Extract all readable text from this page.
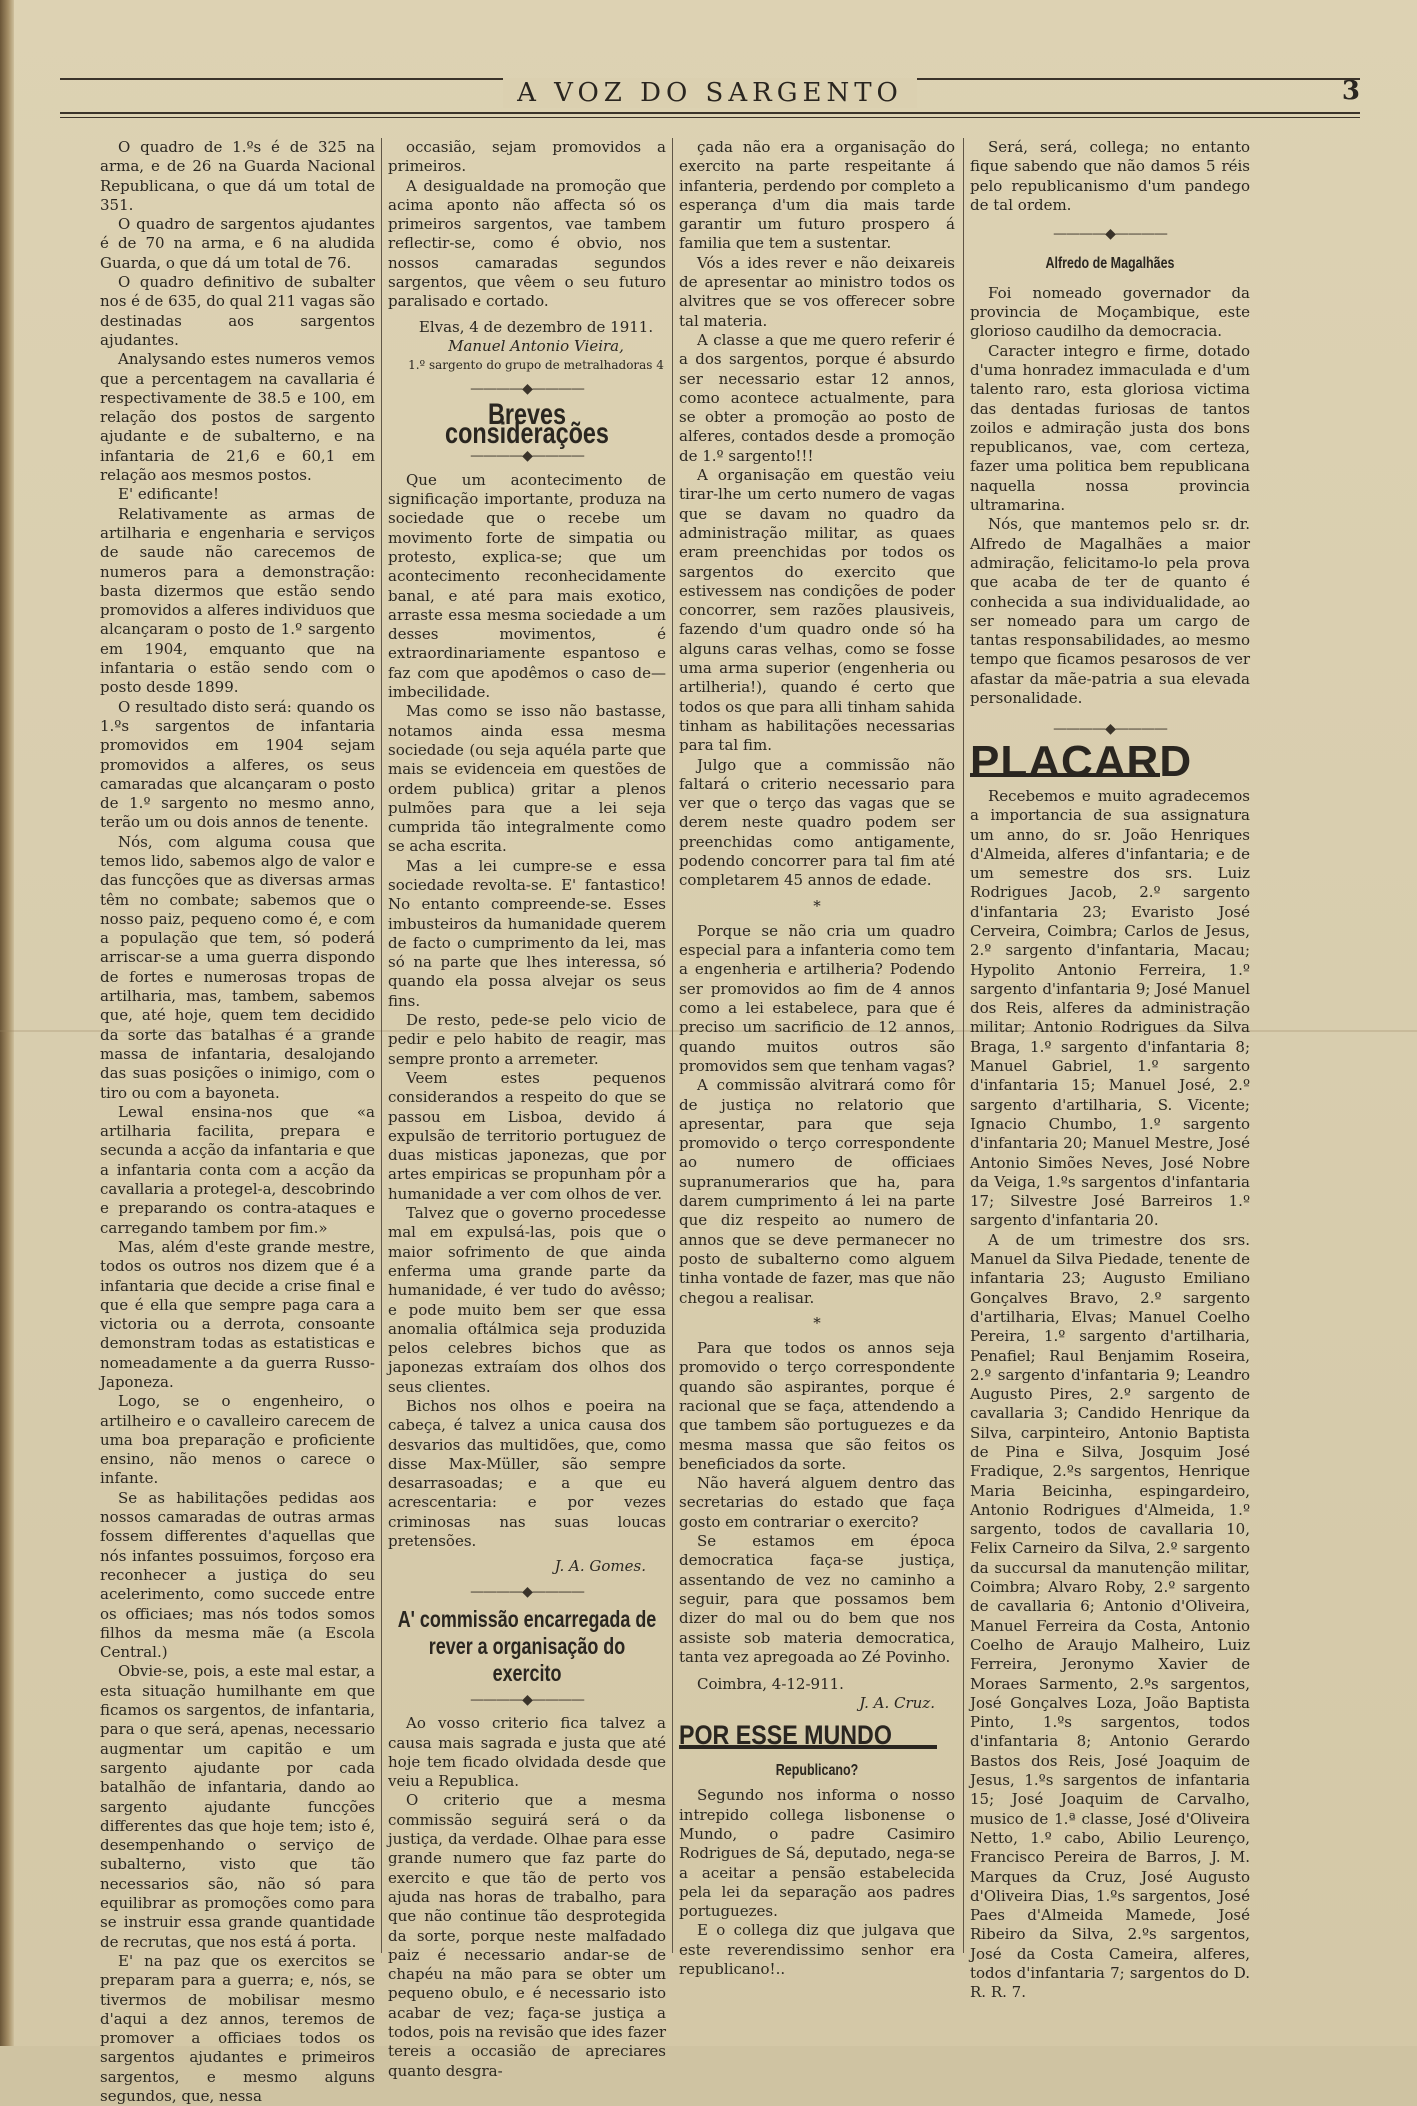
A VOZ DO SARGENTO	3

O quadro de 1.ºs é de 325 na arma, e de 26 na Guarda Nacional Republicana, o que dá um total de 351.

O quadro de sargentos ajudantes é de 70 na arma, e 6 na aludida Guarda, o que dá um total de 76.

O quadro definitivo de subalter nos é de 635, do qual 211 vagas são destinadas aos sargentos ajudantes.

Analysando estes numeros vemos que a percentagem na cavallaria é respectivamente de 38.5 e 100, em relação dos postos de sargento ajudante e de subalterno, e na infantaria de 21,6 e 60,1 em relação aos mesmos postos.

E' edificante!

Relativamente as armas de artilharia e engenharia e serviços de saude não carecemos de numeros para a demonstração: basta dizermos que estão sendo promovidos a alferes individuos que alcançaram o posto de 1.º sargento em 1904, emquanto que na infantaria o estão sendo com o posto desde 1899.

O resultado disto será: quando os 1.ºs sargentos de infantaria promovidos em 1904 sejam promovidos a alferes, os seus camaradas que alcançaram o posto de 1.º sargento no mesmo anno, terão um ou dois annos de tenente.

Nós, com alguma cousa que temos lido, sabemos algo de valor e das funcções que as diversas armas têm no combate; sabemos que o nosso paiz, pequeno como é, e com a população que tem, só poderá arriscar-se a uma guerra dispondo de fortes e numerosas tropas de artilharia, mas, tambem, sabemos que, até hoje, quem tem decidido da sorte das batalhas é a grande massa de infantaria, desalojando das suas posições o inimigo, com o tiro ou com a bayoneta.

Lewal ensina-nos que «a artilharia facilita, prepara e secunda a acção da infantaria e que a infantaria conta com a acção da cavallaria a protegel-a, descobrindo e preparando os contra-ataques e carregando tambem por fim.»

Mas, além d'este grande mestre, todos os outros nos dizem que é a infantaria que decide a crise final e que é ella que sempre paga cara a victoria ou a derrota, consoante demonstram todas as estatisticas e nomeadamente a da guerra Russo-Japoneza.

Logo, se o engenheiro, o artilheiro e o cavalleiro carecem de uma boa preparação e proficiente ensino, não menos o carece o infante.

Se as habilitações pedidas aos nossos camaradas de outras armas fossem differentes d'aquellas que nós infantes possuimos, forçoso era reconhecer a justiça do seu acelerimento, como succede entre os officiaes; mas nós todos somos filhos da mesma mãe (a Escola Central.)

Obvie-se, pois, a este mal estar, a esta situação humilhante em que ficamos os sargentos, de infantaria, para o que será, apenas, necessario augmentar um capitão e um sargento ajudante por cada batalhão de infantaria, dando ao sargento ajudante funcções differentes das que hoje tem; isto é, desempenhando o serviço de subalterno, visto que tão necessarios são, não só para equilibrar as promoções como para se instruir essa grande quantidade de recrutas, que nos está á porta.

E' na paz que os exercitos se preparam para a guerra; e, nós, se tivermos de mobilisar mesmo d'aqui a dez annos, teremos de promover a officiaes todos os sargentos ajudantes e primeiros sargentos, e mesmo alguns segundos, que, nessa

occasião, sejam promovidos a primeiros.

A desigualdade na promoção que acima aponto não affecta só os primeiros sargentos, vae tambem reflectir-se, como é obvio, nos nossos camaradas segundos sargentos, que vêem o seu futuro paralisado e cortado.

Elvas, 4 de dezembro de 1911.

Manuel Antonio Vieira,

1.º sargento do grupo de metralhadoras 4

————◆————
Breves considerações
————◆————

Que um acontecimento de significação importante, produza na sociedade que o recebe um movimento forte de simpatia ou protesto, explica-se; que um acontecimento reconhecidamente banal, e até para mais exotico, arraste essa mesma sociedade a um desses movimentos, é extraordinariamente espantoso e faz com que apodêmos o caso de—imbecilidade.

Mas como se isso não bastasse, notamos ainda essa mesma sociedade (ou seja aquéla parte que mais se evidenceia em questões de ordem publica) gritar a plenos pulmões para que a lei seja cumprida tão integralmente como se acha escrita.

Mas a lei cumpre-se e essa sociedade revolta-se. E' fantastico! No entanto compreende-se. Esses imbusteiros da humanidade querem de facto o cumprimento da lei, mas só na parte que lhes interessa, só quando ela possa alvejar os seus fins.

De resto, pede-se pelo vicio de pedir e pelo habito de reagir, mas sempre pronto a arremeter.

Veem estes pequenos considerandos a respeito do que se passou em Lisboa, devido á expulsão de territorio portuguez de duas misticas japonezas, que por artes empiricas se propunham pôr a humanidade a ver com olhos de ver.

Talvez que o governo procedesse mal em expulsá-las, pois que o maior sofrimento de que ainda enferma uma grande parte da humanidade, é ver tudo do avêsso; e pode muito bem ser que essa anomalia oftálmica seja produzida pelos celebres bichos que as japonezas extraíam dos olhos dos seus clientes.

Bichos nos olhos e poeira na cabeça, é talvez a unica causa dos desvarios das multidões, que, como disse Max-Müller, são sempre desarrasoadas; e a que eu acrescentaria: e por vezes criminosas nas suas loucas pretensões.

J. A. Gomes.

————◆————
A' commissão encarregada de rever a organisação do exercito
————◆————

Ao vosso criterio fica talvez a causa mais sagrada e justa que até hoje tem ficado olvidada desde que veiu a Republica.

O criterio que a mesma commissão seguirá será o da justiça, da verdade. Olhae para esse grande numero que faz parte do exercito e que tão de perto vos ajuda nas horas de trabalho, para que não continue tão desprotegida da sorte, porque neste malfadado paiz é necessario andar-se de chapéu na mão para se obter um pequeno obulo, e é necessario isto acabar de vez; faça-se justiça a todos, pois na revisão que ides fazer tereis a occasião de apreciares quanto desgra-

çada não era a organisação do exercito na parte respeitante á infanteria, perdendo por completo a esperança d'um dia mais tarde garantir um futuro prospero á familia que tem a sustentar.

Vós a ides rever e não deixareis de apresentar ao ministro todos os alvitres que se vos offerecer sobre tal materia.

A classe a que me quero referir é a dos sargentos, porque é absurdo ser necessario estar 12 annos, como acontece actualmente, para se obter a promoção ao posto de alferes, contados desde a promoção de 1.º sargento!!!

A organisação em questão veiu tirar-lhe um certo numero de vagas que se davam no quadro da administração militar, as quaes eram preenchidas por todos os sargentos do exercito que estivessem nas condições de poder concorrer, sem razões plausiveis, fazendo d'um quadro onde só ha alguns caras velhas, como se fosse uma arma superior (engenheria ou artilheria!), quando é certo que todos os que para alli tinham sahida tinham as habilitações necessarias para tal fim.

Julgo que a commissão não faltará o criterio necessario para ver que o terço das vagas que se derem neste quadro podem ser preenchidas como antigamente, podendo concorrer para tal fim até completarem 45 annos de edade.

*

Porque se não cria um quadro especial para a infanteria como tem a engenheria e artilheria? Podendo ser promovidos ao fim de 4 annos como a lei estabelece, para que é preciso um sacrificio de 12 annos, quando muitos outros são promovidos sem que tenham vagas?

A commissão alvitrará como fôr de justiça no relatorio que apresentar, para que seja promovido o terço correspondente ao numero de officiaes supranumerarios que ha, para darem cumprimento á lei na parte que diz respeito ao numero de annos que se deve permanecer no posto de subalterno como alguem tinha vontade de fazer, mas que não chegou a realisar.

*

Para que todos os annos seja promovido o terço correspondente quando são aspirantes, porque é racional que se faça, attendendo a que tambem são portuguezes e da mesma massa que são feitos os beneficiados da sorte.

Não haverá alguem dentro das secretarias do estado que faça gosto em contrariar o exercito?

Se estamos em época democratica faça-se justiça, assentando de vez no caminho a seguir, para que possamos bem dizer do mal ou do bem que nos assiste sob materia democratica, tanta vez apregoada ao Zé Povinho.

Coimbra, 4-12-911.

J. A. Cruz.

POR ESSE MUNDO
Republicano?

Segundo nos informa o nosso intrepido collega lisbonense o Mundo, o padre Casimiro Rodrigues de Sá, deputado, nega-se a aceitar a pensão estabelecida pela lei da separação aos padres portuguezes.

E o collega diz que julgava que este reverendissimo senhor era republicano!..

Será, será, collega; no entanto fique sabendo que não damos 5 réis pelo republicanismo d'um pandego de tal ordem.

————◆————
Alfredo de Magalhães

Foi nomeado governador da provincia de Moçambique, este glorioso caudilho da democracia.

Caracter integro e firme, dotado d'uma honradez immaculada e d'um talento raro, esta gloriosa victima das dentadas furiosas de tantos zoilos e admiração justa dos bons republicanos, vae, com certeza, fazer uma politica bem republicana naquella nossa provincia ultramarina.

Nós, que mantemos pelo sr. dr. Alfredo de Magalhães a maior admiração, felicitamo-lo pela prova que acaba de ter de quanto é conhecida a sua individualidade, ao ser nomeado para um cargo de tantas responsabilidades, ao mesmo tempo que ficamos pesarosos de ver afastar da mãe-patria a sua elevada personalidade.

————◆————
PLACARD

Recebemos e muito agradecemos a importancia de sua assignatura um anno, do sr. João Henriques d'Almeida, alferes d'infantaria; e de um semestre dos srs. Luiz Rodrigues Jacob, 2.º sargento d'infantaria 23; Evaristo José Cerveira, Coimbra; Carlos de Jesus, 2.º sargento d'infantaria, Macau; Hypolito Antonio Ferreira, 1.º sargento d'infantaria 9; José Manuel dos Reis, alferes da administração militar; Antonio Rodrigues da Silva Braga, 1.º sargento d'infantaria 8; Manuel Gabriel, 1.º sargento d'infantaria 15; Manuel José, 2.º sargento d'artilharia, S. Vicente; Ignacio Chumbo, 1.º sargento d'infantaria 20; Manuel Mestre, José Antonio Simões Neves, José Nobre da Veiga, 1.ºs sargentos d'infantaria 17; Silvestre José Barreiros 1.º sargento d'infantaria 20.

A de um trimestre dos srs. Manuel da Silva Piedade, tenente de infantaria 23; Augusto Emiliano Gonçalves Bravo, 2.º sargento d'artilharia, Elvas; Manuel Coelho Pereira, 1.º sargento d'artilharia, Penafiel; Raul Benjamim Roseira, 2.º sargento d'infantaria 9; Leandro Augusto Pires, 2.º sargento de cavallaria 3; Candido Henrique da Silva, carpinteiro, Antonio Baptista de Pina e Silva, Josquim José Fradique, 2.ºs sargentos, Henrique Maria Beicinha, espingardeiro, Antonio Rodrigues d'Almeida, 1.º sargento, todos de cavallaria 10, Felix Carneiro da Silva, 2.º sargento da succursal da manutenção militar, Coimbra; Alvaro Roby, 2.º sargento de cavallaria 6; Antonio d'Oliveira, Manuel Ferreira da Costa, Antonio Coelho de Araujo Malheiro, Luiz Ferreira, Jeronymo Xavier de Moraes Sarmento, 2.ºs sargentos, José Gonçalves Loza, João Baptista Pinto, 1.ºs sargentos, todos d'infantaria 8; Antonio Gerardo Bastos dos Reis, José Joaquim de Jesus, 1.ºs sargentos de infantaria 15; José Joaquim de Carvalho, musico de 1.ª classe, José d'Oliveira Netto, 1.º cabo, Abilio Leurenço, Francisco Pereira de Barros, J. M. Marques da Cruz, José Augusto d'Oliveira Dias, 1.ºs sargentos, José Paes d'Almeida Mamede, José Ribeiro da Silva, 2.ºs sargentos, José da Costa Cameira, alferes, todos d'infantaria 7; sargentos do D. R. R. 7.
